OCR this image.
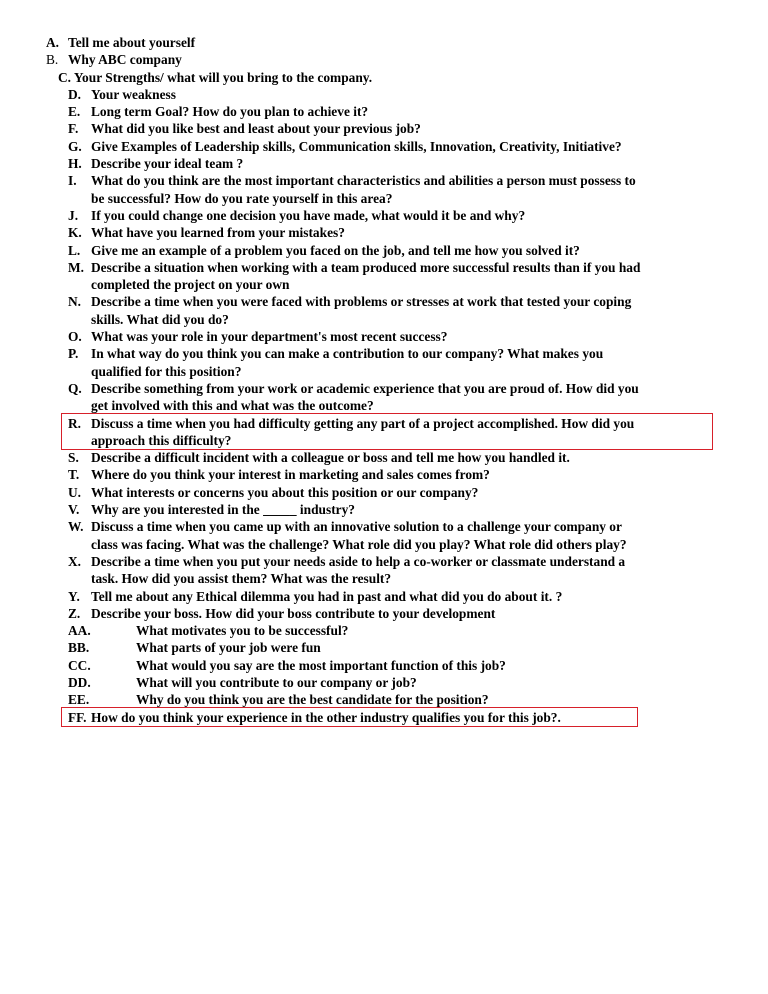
A. Tell me about yourself
B. Why ABC company
C. Your Strengths/ what will you bring to the company.
D. Your weakness
E. Long term Goal? How do you plan to achieve it?
F. What did you like best and least about your previous job?
G. Give Examples of Leadership skills, Communication skills, Innovation, Creativity, Initiative?
H. Describe your ideal team ?
I. What do you think are the most important characteristics and abilities a person must possess to
be successful? How do you rate yourself in this area?
J. If you could change one decision you have made, what would it be and why?
K. What have you learned from your mistakes?
L. Give me an example of a problem you faced on the job, and tell me how you solved it?
M. Describe a situation when working with a team produced more successful results than if you had
completed the project on your own
N. Describe a time when you were faced with problems or stresses at work that tested your coping
skills. What did you do?
O. What was your role in your department's most recent success?
P. In what way do you think you can make a contribution to our company? What makes you
qualified for this position?
Q. Describe something from your work or academic experience that you are proud of. How did you
get involved with this and what was the outcome?
R. Discuss a time when you had difficulty getting any part of a project accomplished. How did you
approach this difficulty?
S. Describe a difficult incident with a colleague or boss and tell me how you handled it.
T. Where do you think your interest in marketing and sales comes from?
U. What interests or concerns you about this position or our company?
V. Why are you interested in the _____ industry?
W. Discuss a time when you came up with an innovative solution to a challenge your company or
class was facing. What was the challenge? What role did you play? What role did others play?
X. Describe a time when you put your needs aside to help a co-worker or classmate understand a
task. How did you assist them? What was the result?
Y. Tell me about any Ethical dilemma you had in past and what did you do about it. ?
Z. Describe your boss. How did your boss contribute to your development
AA.	What motivates you to be successful?
BB.	What parts of your job were fun
CC.	What would you say are the most important function of this job?
DD.	What will you contribute to our company or job?
EE.	Why do you think you are the best candidate for the position?
FF. How do you think your experience in the other industry qualifies you for this job?.
